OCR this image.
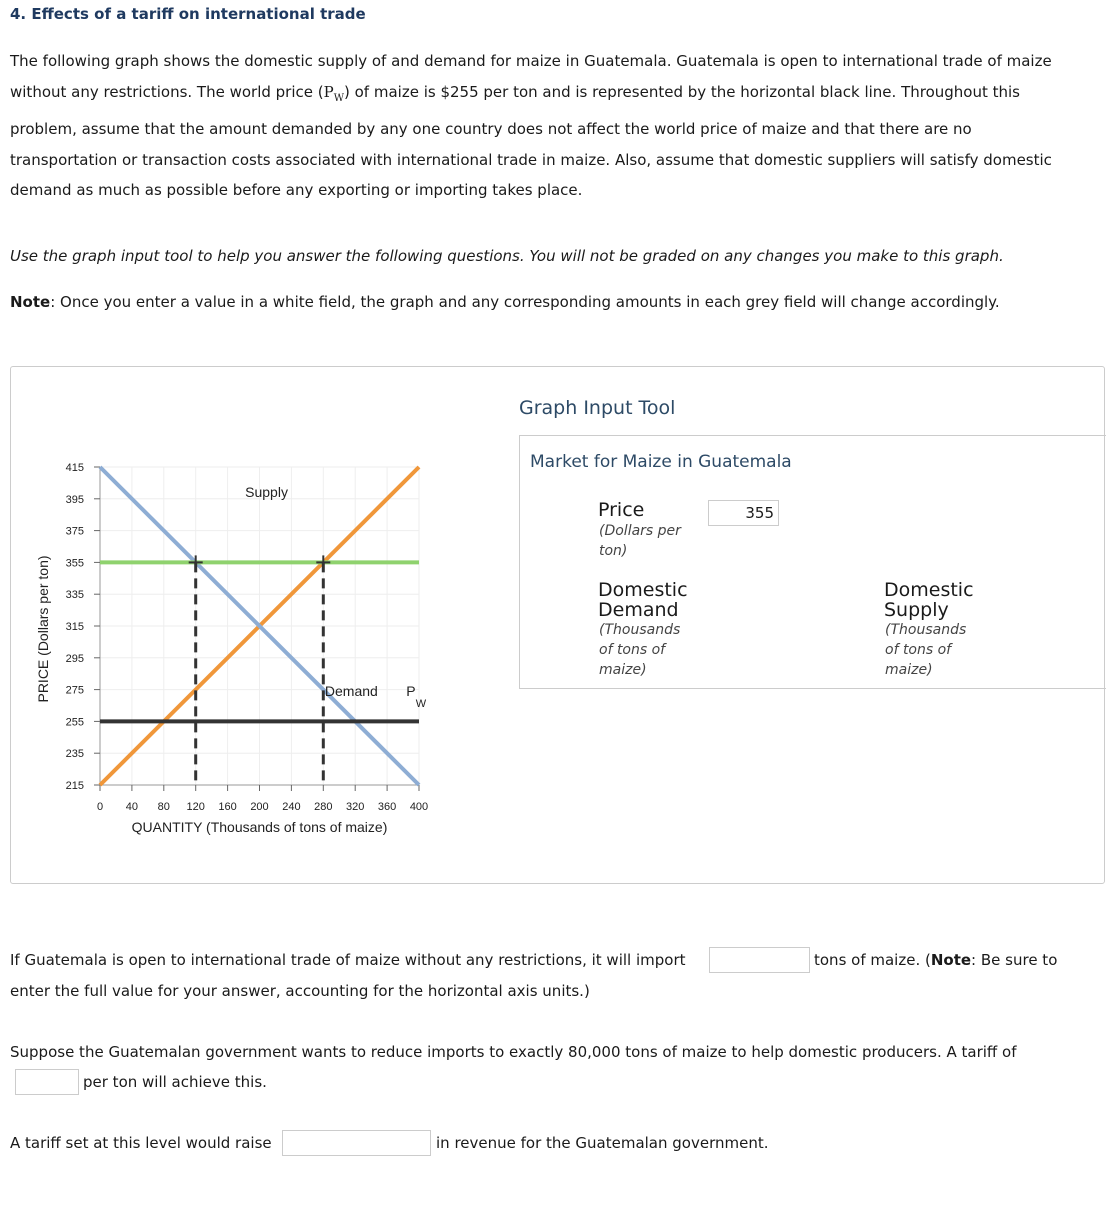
4. Effects of a tariff on international trade
The following graph shows the domestic supply of and demand for maize in Guatemala. Guatemala is open to international trade of maize
without any restrictions. The world price $(P_W)$ of maize is $255 per ton and is represented by the horizontal black line. Throughout this
problem, assume that the amount demanded by any one country does not affect the world price of maize and that there are no
transportation or transaction costs associated with international trade in maize. Also, assume that domestic suppliers will satisfy domestic
demand as much as possible before any exporting or importing takes place.
Use the graph input tool to help you answer the following questions. You will not be graded on any changes you make to this graph.
Note: Once you enter a value in a white field, the graph and any corresponding amounts in each grey field will change accordingly.
215
235
255
275
295
315
335
355
375
395
415
0 40 80 120 160 200 240 280 320 360 400
QUANTITY (Thousands of tons of maize)
PRICE (Dollars per ton)
Supply
Demand P
W
Graph Input Tool
Market for Maize in Guatemala
Price
(Dollars per
ton)
355
Domestic
Demand
(Thousands
of tons of
maize)
Domestic
Supply
(Thousands
of tons of
maize)
If Guatemala is open to international trade of maize without any restrictions, it will import	tons of maize. (Note: Be sure to
enter the full value for your answer, accounting for the horizontal axis units.)
Suppose the Guatemalan government wants to reduce imports to exactly 80,000 tons of maize to help domestic producers. A tariff of
per ton will achieve this.
A tariff set at this level would raise	in revenue for the Guatemalan government.
